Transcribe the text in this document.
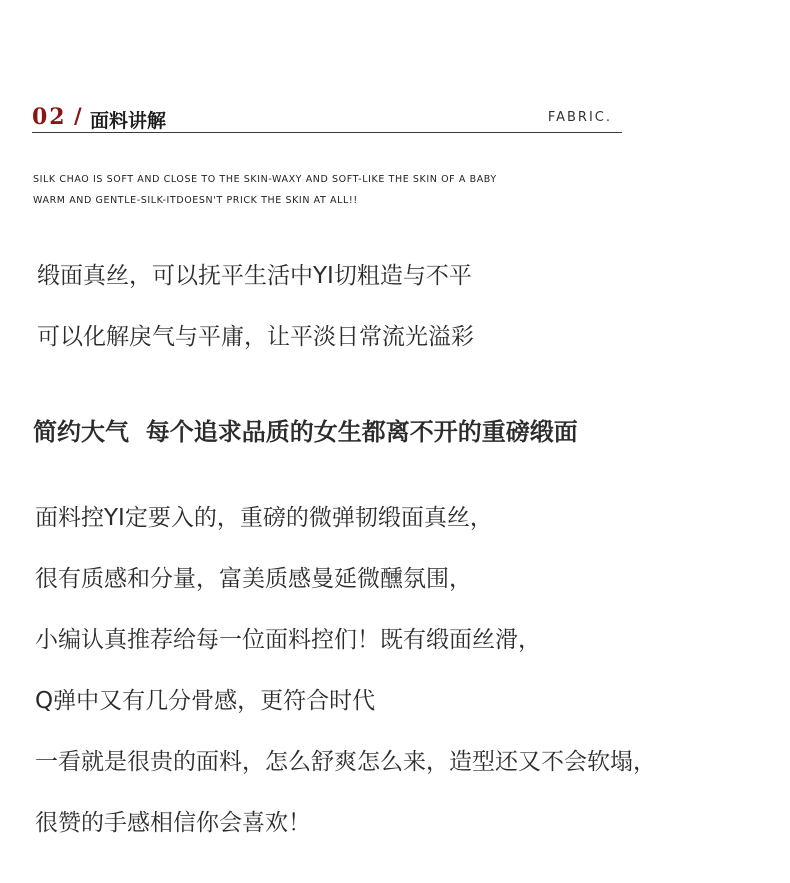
02 / 面料讲解	FABRIC.
SILK CHAO IS SOFT AND CLOSE TO THE SKIN-WAXY AND SOFT-LIKE THE SKIN OF A BABY
WARM AND GENTLE-SILK-ITDOESN'T PRICK THE SKIN AT ALL!!
缎面真丝，可以抚平生活中YI切粗造与不平
可以化解戾气与平庸，让平淡日常流光溢彩
简约大气  每个追求品质的女生都离不开的重磅缎面
面料控YI定要入的，重磅的微弹韧缎面真丝，
很有质感和分量，富美质感曼延微醺氛围，
小编认真推荐给每一位面料控们！既有缎面丝滑，
Q弹中又有几分骨感，更符合时代
一看就是很贵的面料，怎么舒爽怎么来，造型还又不会软塌，
很赞的手感相信你会喜欢！
